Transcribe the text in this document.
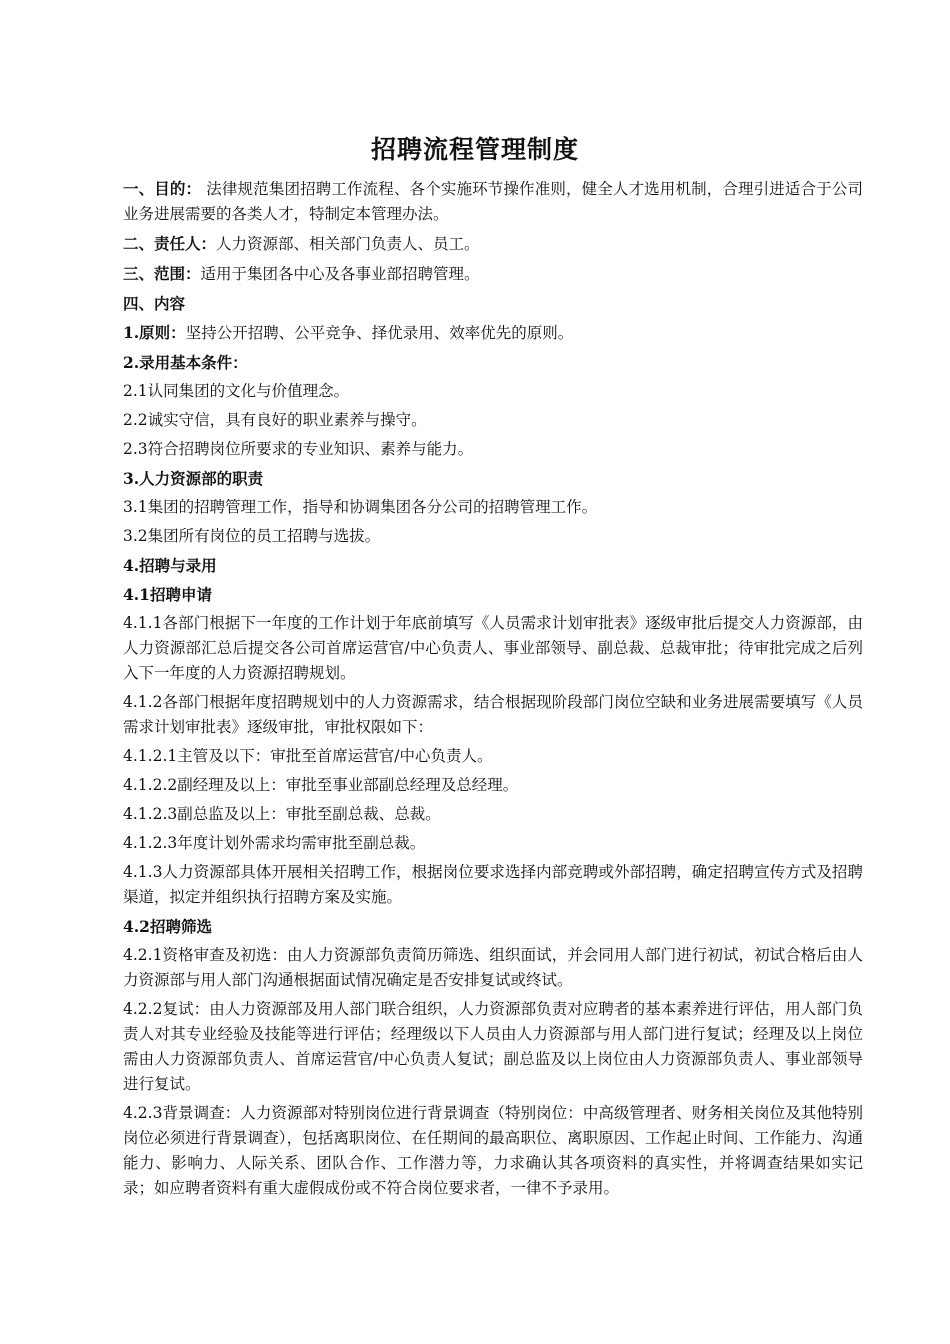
招聘流程管理制度

一、目的： 法律规范集团招聘工作流程、各个实施环节操作准则，健全人才选用机制，合理引进适合于公司业务进展需要的各类人才，特制定本管理办法。

二、责任人：人力资源部、相关部门负责人、员工。

三、范围：适用于集团各中心及各事业部招聘管理。

四、内容

1.原则：坚持公开招聘、公平竞争、择优录用、效率优先的原则。

2.录用基本条件：

2.1认同集团的文化与价值理念。

2.2诚实守信，具有良好的职业素养与操守。

2.3符合招聘岗位所要求的专业知识、素养与能力。

3.人力资源部的职责

3.1集团的招聘管理工作，指导和协调集团各分公司的招聘管理工作。

3.2集团所有岗位的员工招聘与选拔。

4.招聘与录用

4.1招聘申请

4.1.1各部门根据下一年度的工作计划于年底前填写《人员需求计划审批表》逐级审批后提交人力资源部，由人力资源部汇总后提交各公司首席运营官/中心负责人、事业部领导、副总裁、总裁审批；待审批完成之后列入下一年度的人力资源招聘规划。

4.1.2各部门根据年度招聘规划中的人力资源需求，结合根据现阶段部门岗位空缺和业务进展需要填写《人员需求计划审批表》逐级审批，审批权限如下：

4.1.2.1主管及以下：审批至首席运营官/中心负责人。

4.1.2.2副经理及以上：审批至事业部副总经理及总经理。

4.1.2.3副总监及以上：审批至副总裁、总裁。

4.1.2.3年度计划外需求均需审批至副总裁。

4.1.3人力资源部具体开展相关招聘工作，根据岗位要求选择内部竞聘或外部招聘，确定招聘宣传方式及招聘渠道，拟定并组织执行招聘方案及实施。

4.2招聘筛选

4.2.1资格审查及初选：由人力资源部负责简历筛选、组织面试，并会同用人部门进行初试，初试合格后由人力资源部与用人部门沟通根据面试情况确定是否安排复试或终试。

4.2.2复试：由人力资源部及用人部门联合组织，人力资源部负责对应聘者的基本素养进行评估，用人部门负责人对其专业经验及技能等进行评估；经理级以下人员由人力资源部与用人部门进行复试；经理及以上岗位需由人力资源部负责人、首席运营官/中心负责人复试；副总监及以上岗位由人力资源部负责人、事业部领导进行复试。

4.2.3背景调查：人力资源部对特别岗位进行背景调查（特别岗位：中高级管理者、财务相关岗位及其他特别岗位必须进行背景调查），包括离职岗位、在任期间的最高职位、离职原因、工作起止时间、工作能力、沟通能力、影响力、人际关系、团队合作、工作潜力等，力求确认其各项资料的真实性，并将调查结果如实记录；如应聘者资料有重大虚假成份或不符合岗位要求者，一律不予录用。
